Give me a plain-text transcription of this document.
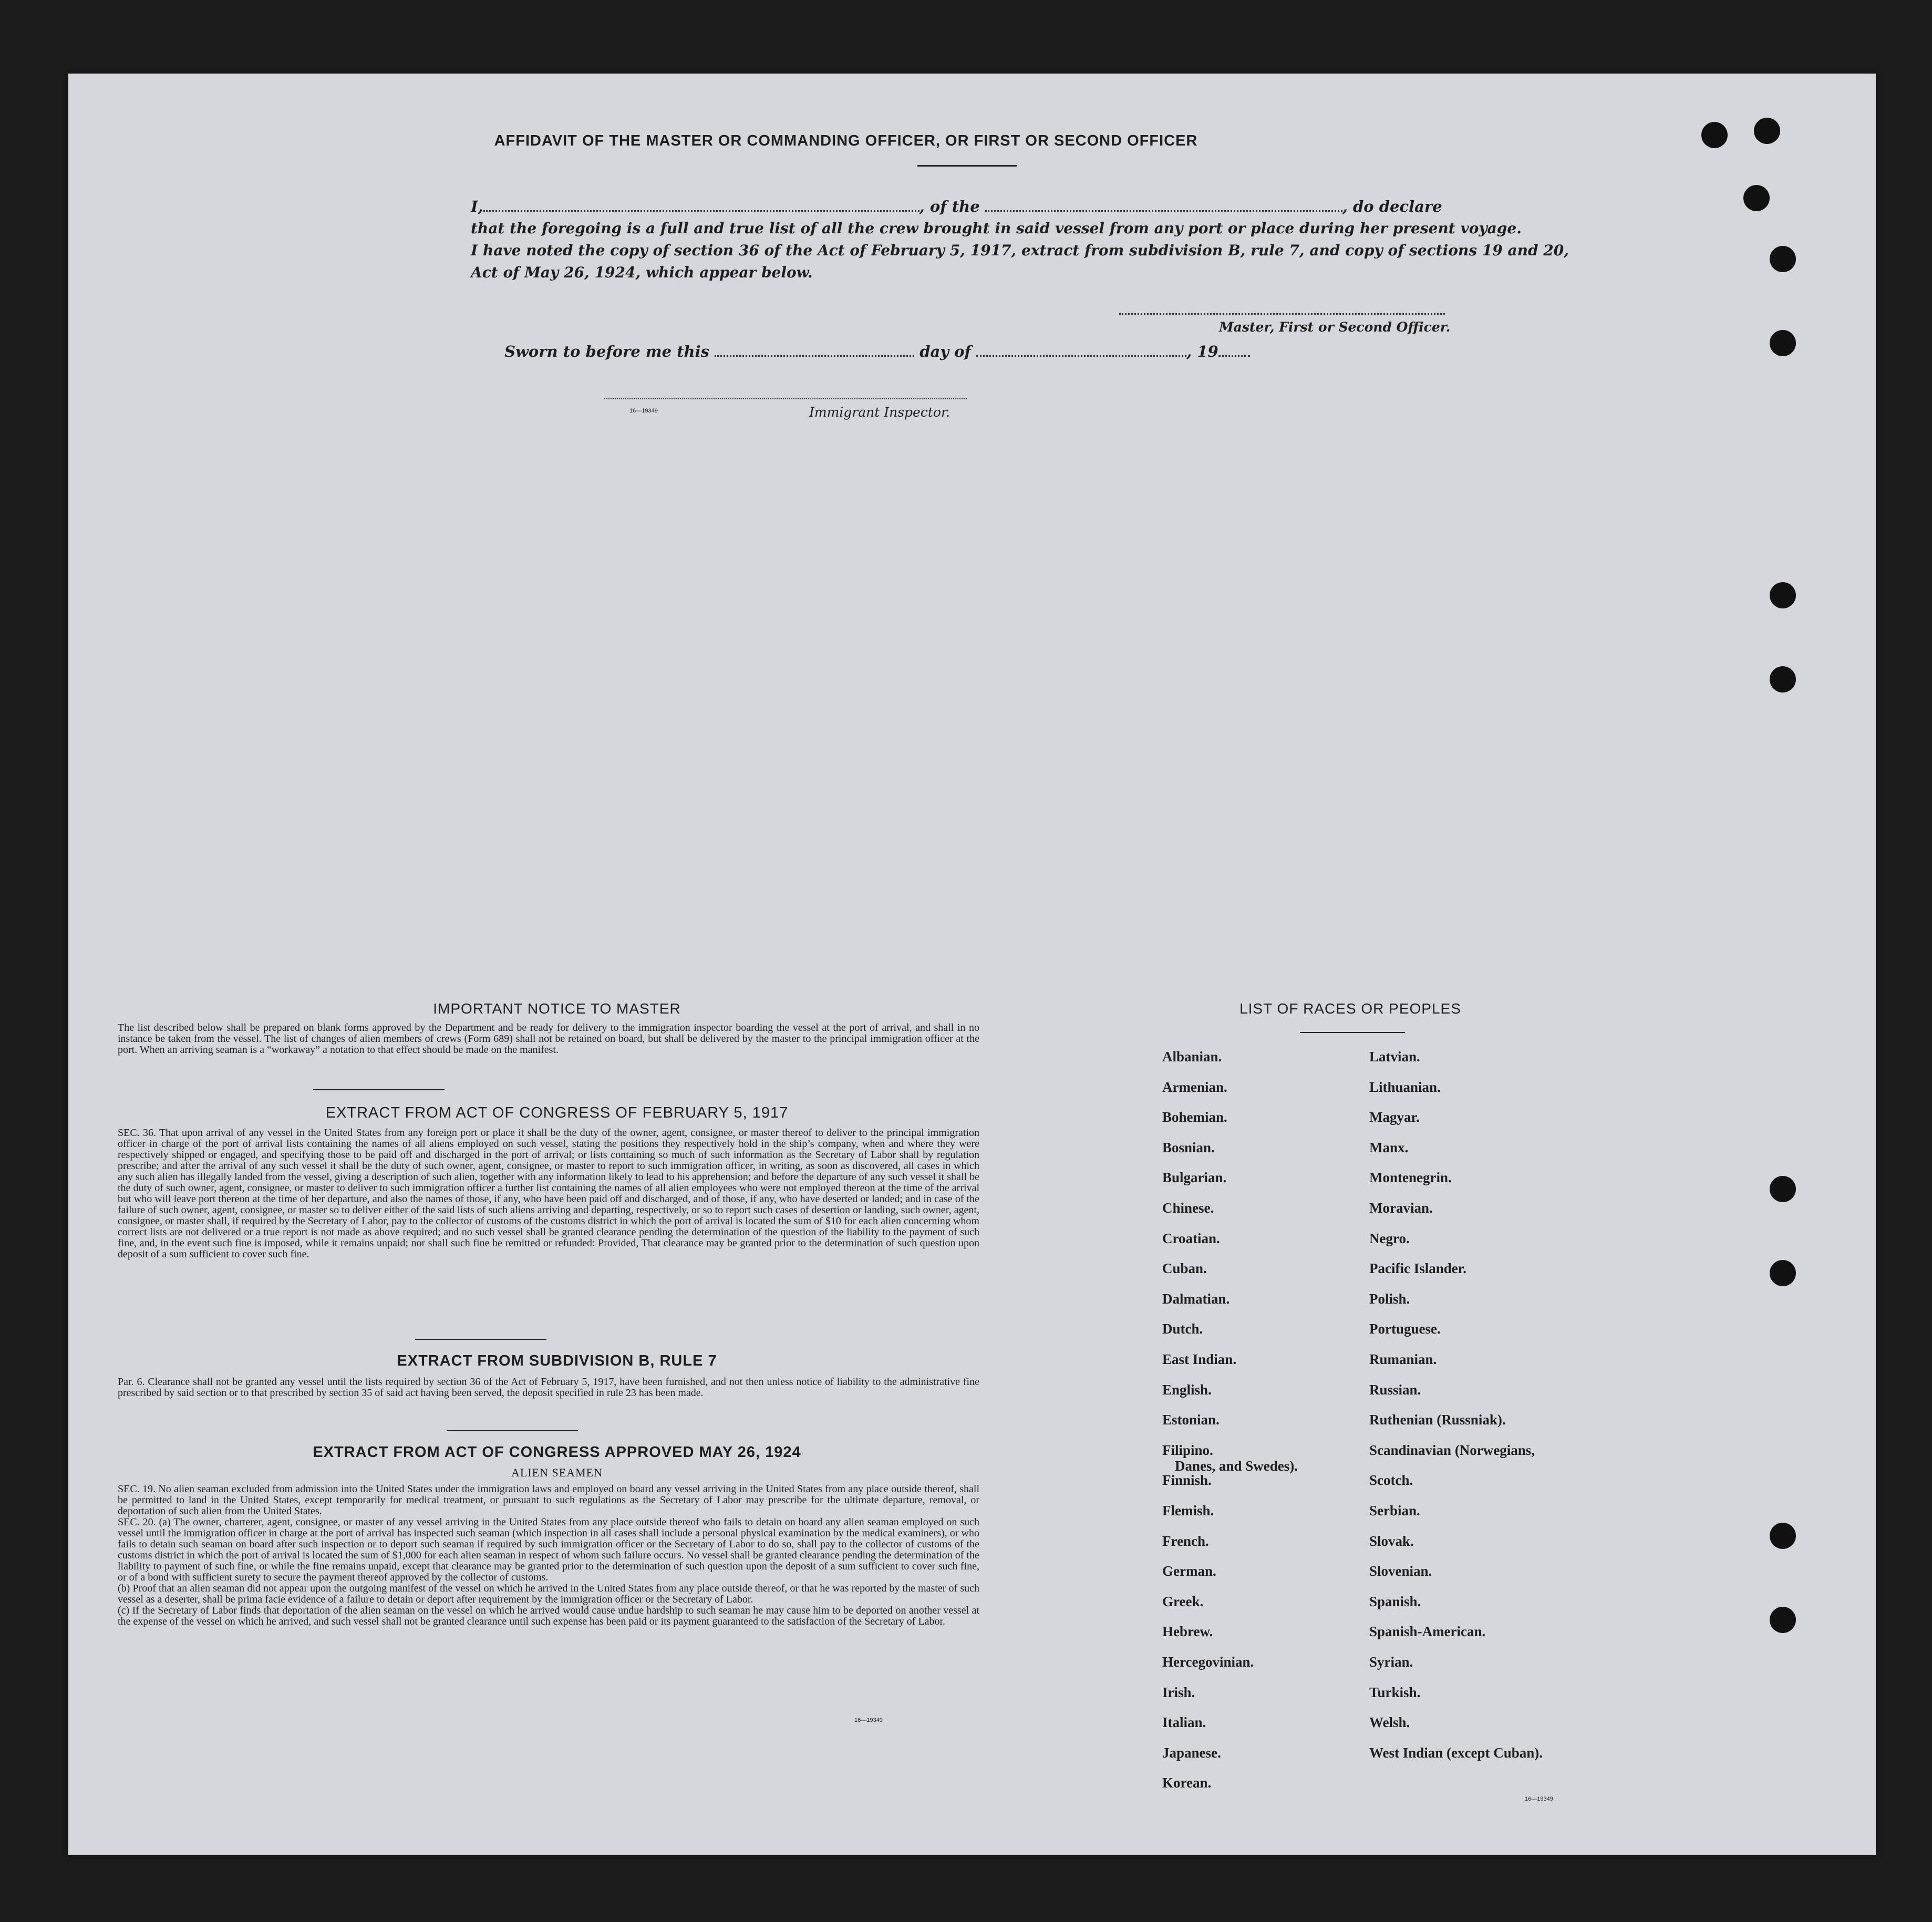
AFFIDAVIT OF THE MASTER OR COMMANDING OFFICER, OR FIRST OR SECOND OFFICER
I,	, of the	, do declare
that the foregoing is a full and true list of all the crew brought in said vessel from any port or place during her present voyage.
I have noted the copy of section 36 of the Act of February 5, 1917, extract from subdivision B, rule 7, and copy of sections 19 and 20,
Act of May 26, 1924, which appear below.
Master, First or Second Officer.
Sworn to before me this	day of	, 19
16—19349	Immigrant Inspector.
IMPORTANT NOTICE TO MASTER
The list described below shall be prepared on blank forms approved by the Department and be ready for delivery to the immigration inspector boarding the vessel at the port of arrival, and shall in no instance be taken from the vessel. The list of changes of alien members of crews (Form 689) shall not be retained on board, but shall be delivered by the master to the principal immigration officer at the port. When an arriving seaman is a “workaway” a notation to that effect should be made on the manifest.
EXTRACT FROM ACT OF CONGRESS OF FEBRUARY 5, 1917
SEC. 36. That upon arrival of any vessel in the United States from any foreign port or place it shall be the duty of the owner, agent, consignee, or master thereof to deliver to the principal immigration officer in charge of the port of arrival lists containing the names of all aliens employed on such vessel, stating the positions they respectively hold in the ship’s company, when and where they were respectively shipped or engaged, and specifying those to be paid off and discharged in the port of arrival; or lists containing so much of such information as the Secretary of Labor shall by regulation prescribe; and after the arrival of any such vessel it shall be the duty of such owner, agent, consignee, or master to report to such immigration officer, in writing, as soon as discovered, all cases in which any such alien has illegally landed from the vessel, giving a description of such alien, together with any information likely to lead to his apprehension; and before the departure of any such vessel it shall be the duty of such owner, agent, consignee, or master to deliver to such immigration officer a further list containing the names of all alien employees who were not employed thereon at the time of the arrival but who will leave port thereon at the time of her departure, and also the names of those, if any, who have been paid off and discharged, and of those, if any, who have deserted or landed; and in case of the failure of such owner, agent, consignee, or master so to deliver either of the said lists of such aliens arriving and departing, respectively, or so to report such cases of desertion or landing, such owner, agent, consignee, or master shall, if required by the Secretary of Labor, pay to the collector of customs of the customs district in which the port of arrival is located the sum of $10 for each alien concerning whom correct lists are not delivered or a true report is not made as above required; and no such vessel shall be granted clearance pending the determination of the question of the liability to the payment of such fine, and, in the event such fine is imposed, while it remains unpaid; nor shall such fine be remitted or refunded: Provided, That clearance may be granted prior to the determination of such question upon deposit of a sum sufficient to cover such fine.
EXTRACT FROM SUBDIVISION B, RULE 7
Par. 6. Clearance shall not be granted any vessel until the lists required by section 36 of the Act of February 5, 1917, have been furnished, and not then unless notice of liability to the administrative fine prescribed by said section or to that prescribed by section 35 of said act having been served, the deposit specified in rule 23 has been made.
EXTRACT FROM ACT OF CONGRESS APPROVED MAY 26, 1924
ALIEN SEAMEN
SEC. 19. No alien seaman excluded from admission into the United States under the immigration laws and employed on board any vessel arriving in the United States from any place outside thereof, shall be permitted to land in the United States, except temporarily for medical treatment, or pursuant to such regulations as the Secretary of Labor may prescribe for the ultimate departure, removal, or deportation of such alien from the United States.
SEC. 20. (a) The owner, charterer, agent, consignee, or master of any vessel arriving in the United States from any place outside thereof who fails to detain on board any alien seaman employed on such vessel until the immigration officer in charge at the port of arrival has inspected such seaman (which inspection in all cases shall include a personal physical examination by the medical examiners), or who fails to detain such seaman on board after such inspection or to deport such seaman if required by such immigration officer or the Secretary of Labor to do so, shall pay to the collector of customs of the customs district in which the port of arrival is located the sum of $1,000 for each alien seaman in respect of whom such failure occurs. No vessel shall be granted clearance pending the determination of the liability to payment of such fine, or while the fine remains unpaid, except that clearance may be granted prior to the determination of such question upon the deposit of a sum sufficient to cover such fine, or of a bond with sufficient surety to secure the payment thereof approved by the collector of customs.
(b) Proof that an alien seaman did not appear upon the outgoing manifest of the vessel on which he arrived in the United States from any place outside thereof, or that he was reported by the master of such vessel as a deserter, shall be prima facie evidence of a failure to detain or deport after requirement by the immigration officer or the Secretary of Labor.
(c) If the Secretary of Labor finds that deportation of the alien seaman on the vessel on which he arrived would cause undue hardship to such seaman he may cause him to be deported on another vessel at the expense of the vessel on which he arrived, and such vessel shall not be granted clearance until such expense has been paid or its payment guaranteed to the satisfaction of the Secretary of Labor.
16—19349
LIST OF RACES OR PEOPLES
16—19349
Albanian.
Armenian.
Bohemian.
Bosnian.
Bulgarian.
Chinese.
Croatian.
Cuban.
Dalmatian.
Dutch.
East Indian.
English.
Estonian.
Filipino.
Finnish.
Flemish.
French.
German.
Greek.
Hebrew.
Hercegovinian.
Irish.
Italian.
Japanese.
Korean.
Latvian.
Lithuanian.
Magyar.
Manx.
Montenegrin.
Moravian.
Negro.
Pacific Islander.
Polish.
Portuguese.
Rumanian.
Russian.
Ruthenian (Russniak).
Scandinavian (Norwegians,
Danes, and Swedes).
Scotch.
Serbian.
Slovak.
Slovenian.
Spanish.
Spanish-American.
Syrian.
Turkish.
Welsh.
West Indian (except Cuban).
